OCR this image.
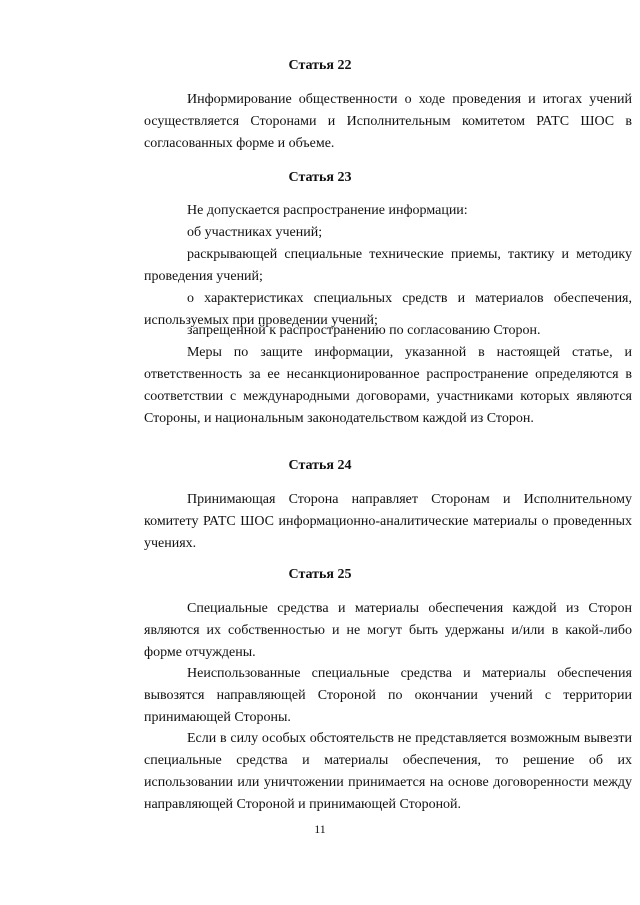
Статья 22

Информирование общественности о ходе проведения и итогах учений осуществляется Сторонами и Исполнительным комитетом РАТС ШОС в согласованных форме и объеме.

Статья 23

Не допускается распространение информации:

об участниках учений;

раскрывающей специальные технические приемы, тактику и методику проведения учений;

о характеристиках специальных средств и материалов обеспечения, используемых при проведении учений;

запрещенной к распространению по согласованию Сторон.

Меры по защите информации, указанной в настоящей статье, и ответственность за ее несанкционированное распространение определяются в соответствии с международными договорами, участниками которых являются Стороны, и национальным законодательством каждой из Сторон.

Статья 24

Принимающая Сторона направляет Сторонам и Исполнительному комитету РАТС ШОС информационно-аналитические материалы о проведенных учениях.

Статья 25

Специальные средства и материалы обеспечения каждой из Сторон являются их собственностью и не могут быть удержаны и/или в какой-либо форме отчуждены.

Неиспользованные специальные средства и материалы обеспечения вывозятся направляющей Стороной по окончании учений с территории принимающей Стороны.

Если в силу особых обстоятельств не представляется возможным вывезти специальные средства и материалы обеспечения, то решение об их использовании или уничтожении принимается на основе договоренности между направляющей Стороной и принимающей Стороной.

11
